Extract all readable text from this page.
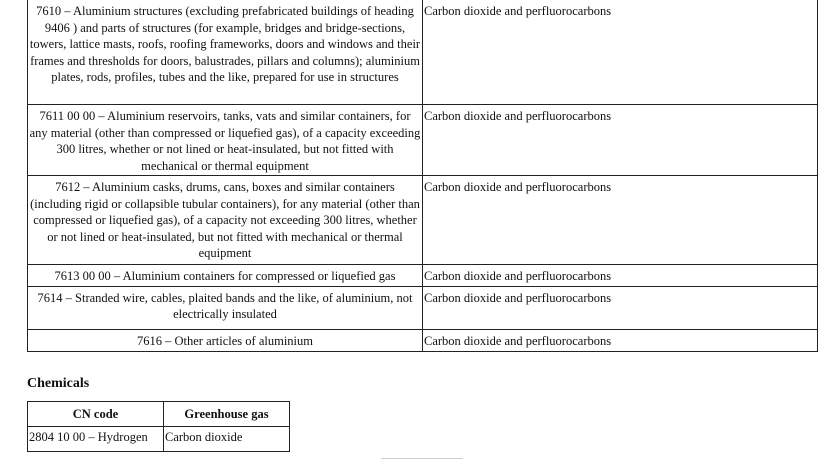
7610 – Aluminium structures (excluding prefabricated buildings of heading 9406 ) and parts of structures (for example, bridges and bridge-sections, towers, lattice masts, roofs, roofing frameworks, doors and windows and their frames and thresholds for doors, balustrades, pillars and columns); aluminium plates, rods, profiles, tubes and the like, prepared for use in structures	Carbon dioxide and perfluorocarbons
7611 00 00 – Aluminium reservoirs, tanks, vats and similar containers, for any material (other than compressed or liquefied gas), of a capacity exceeding 300 litres, whether or not lined or heat-insulated, but not fitted with mechanical or thermal equipment	Carbon dioxide and perfluorocarbons
7612 – Aluminium casks, drums, cans, boxes and similar containers (including rigid or collapsible tubular containers), for any material (other than compressed or liquefied gas), of a capacity not exceeding 300 litres, whether or not lined or heat-insulated, but not fitted with mechanical or thermal equipment	Carbon dioxide and perfluorocarbons
7613 00 00 – Aluminium containers for compressed or liquefied gas	Carbon dioxide and perfluorocarbons
7614 – Stranded wire, cables, plaited bands and the like, of aluminium, not electrically insulated	Carbon dioxide and perfluorocarbons
7616 – Other articles of aluminium	Carbon dioxide and perfluorocarbons
Chemicals
CN code	Greenhouse gas
2804 10 00 – Hydrogen	Carbon dioxide
